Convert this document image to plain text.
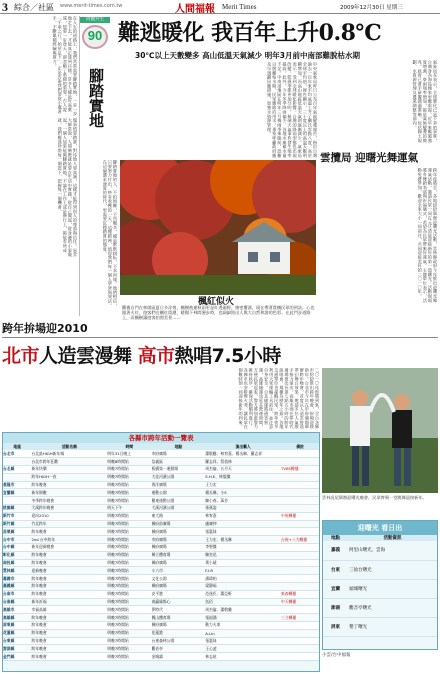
3 綜合／社區 www.merit-times.com.tw	人間福報 Merit Times	2009年12月30日 星期三
同體共生
90
腳踏實地
在人生的道路上，我們常常需要腳踏實地，一步一步地走下去，才能真正達到目標。許多人總是好高騖遠，想要一步登天，卻忽略了基礎的重要。古人說：「千里之行，始於足下」，正是告訴我們要從小處著手，不斷累積經驗與實力。
做事情要踏實，對待他人要真誠，這樣才能得到別人的尊重與信任。星雲大師常說，人間佛教就是要在生活中實踐，從自己做起，從身邊的小事做起。一個人如果能夠腳踏實地，不論在工作上或是修行上，都能有所成就。我們應該珍惜每一個當下，把握每一個機會。	腳踏實地的人，不怕困難，不畏艱辛，總是默默耕耘，不求回報。他們相信，只要努力付出，終有收穫的一天。這種精神，值得我們每一個人學習與效法。在這個講求速度的時代，更需要沉穩踏實的態度。
難逃暖化 我百年上升0.8℃
30℃以上天數變多 高山低溫天氣減少 明年3月前中南部難脫枯水期
中央氣象局昨日公布百年氣候變遷報告，指出台灣過去一百年來平均氣溫上升了攝氏零點八度，高於全球平均值。報告顯示，三十度以上的高溫天數明顯增加，而高山地區低溫天氣則逐漸減少。氣象局表示，受到全球暖化影響，台灣的降雨型態也出現改變，乾濕季節更加分明，極端天氣事件發生頻率提高。此外，今年冬季降雨偏少，各地水庫蓄水量不足，中南部地區在明年三月梅雨季來臨前，恐難以脫離枯水期，民眾應節約用水。專家呼籲政府應及早規劃因應措施，加強水資源管理。	氣象局長表示，全球暖化已是不爭的事實，台灣身為海島國家更應重視。近年來颱風強度增強，豪雨頻率增加，都是氣候變遷的徵兆。政府已著手研擬調適策略，包括國土規劃、水資源管理及農業調整等面向。
雲攬局 迎曙光舞運氣
跨年夜將至，各地紛紛舉辦迎曙光活動，雲林縣政府今年推出迎曙光舞運氣活動，邀請民眾一同在元旦清晨迎接新年的第一道曙光。活動現場將有舞蹈表演與祈福儀式，希望為民眾帶來好運氣。主辦單位表示，活動免費參加，歡迎全家大小一同前往，共同迎接美好的二〇一〇年。
楓紅似火
觀霧自門在林園區夏日多涼爽，楓樹被連秋雨更是紅透遍野，綿密覆澆。現在帶著賞楓民眾的到訪，心也跟著火紅，遊客們在楓紅陰濃，暖陽下林間漫步時，也細細寫出人與大自然和諧的色彩。在此門步道路上，而楓樹讓遊客拍照美景……
跨年拚場迎2010
北市人造雲漫舞 高市熱唱7.5小時
二〇一〇年即將到來，全台各縣市紛紛推出跨年晚會，拚場迎接新年。台北市今年在市府廣場舉辦跨年晚會，首度以人造雲營造夢幻舞台效果，邀請多位人氣歌手接力演出。高雄市則在夢時代廣場推出長達七點五小時的跨年演唱會，規模為歷年之最。各地交通單位也提醒民眾，跨年夜多利用大眾運輸工具前往，並注意自身安全。台北捷運將通宵營運，高雄捷運也延長營運時間，方便民眾返家。警方將加派警力維持秩序，確保活動順利進行。各縣市也安排煙火秀，讓民眾在倒數時刻一同迎接新年的到來。
雲林虎尾舉辦迎曙光晚會，民眾齊聚一堂跳舞迎接新年。
各縣市跨年活動一覽表
地區	活動名稱	時間	地點	演出藝人	備註
台北市	台北最HIGH新年城	明年31日晚上	市府廣場	蕭敬騰、林宥嘉、楊丞琳、羅志祥	
	台北市跨年狂歡	明晚8時開始	信義區	羅志祥、蔡依林	
台北縣	新年快樂	明晚7時開始	板橋第一運動場	周杰倫、五月天	TVBS轉播
	跨年HIGH一夜	明晚7時開始	大佳河濱公園	S.H.E、林俊傑	
基隆市	跨年晚會	明晚7時開始	海洋廣場	王力宏	
宜蘭縣	新年倒數	明晚7時開始	運動公園	楊丞琳、小S	
	冬季跨年晚會	明晚7時開始	羅東運動公園	陳小春、萬芳	
桃園縣	大溪跨年晚會	明天下午	大溪河濱公園	孫燕姿	
新竹市	迎向2010	明晚7時開始	東大路	林宥嘉	中視轉播
新竹縣	竹北跨年	明晚7時開始	縣府前廣場	盧廣仲	
苗栗縣	跨年晚會	明晚7時開始	縣府廣場	張惠妹	
台中市	2nd 台中跨年	明晚7時開始	市府廣場	王力宏、楊丞琳	台視+八大轉播
台中縣	新年迎新晚會	明晚7時開始	縣府廣場	李聖傑	
彰化縣	跨年晚會	明晚7時開始	縣立體育場	陳奕迅	
南投縣	跨年晚會	明晚7時開始	縣府廣場	黃小琥	
雲林縣	迎新晚會	明晚7時開始	斗六市	F.I.R	
嘉義市	跨年晚會	明晚7時開始	文化公園	潘瑋柏	
嘉義縣	跨年晚會	明晚7時開始	縣府廣場	梁靜茹	
台南市	跨年晚會	明晚7時開始	安平港	范逸臣、蕭亞軒	東森轉播
台南縣	新年祈福	明晚7時開始	南瀛綠都心	伍佰	中天轉播
高雄市	幸福高雄	明晚7時開始	夢時代	周杰倫、蕭敬騰	
高雄縣	跨年晚會	明晚7時開始	鳳山體育場	張韶涵	三立轉播
屏東縣	跨年晚會	明晚7時開始	縣府廣場	動力火車	
花蓮縣	跨年晚會	明晚7時開始	花蓮港	A-Lin	
台東縣	跨年晚會	明晚7時開始	台東森林公園	張惠妹	
澎湖縣	跨年晚會	明晚7時開始	觀音亭	王心凌	
金門縣	跨年晚會	明晚7時開始	金城鎮	林志炫	
迎曙光 看日出
地點	活動資訊
嘉義	阿里山曙光、雲海
台東	三仙台曙光
宜蘭	頭城曙光
澎湖	觀音亭曙光
屏東	墾丁曙光
小雲/台中福報
